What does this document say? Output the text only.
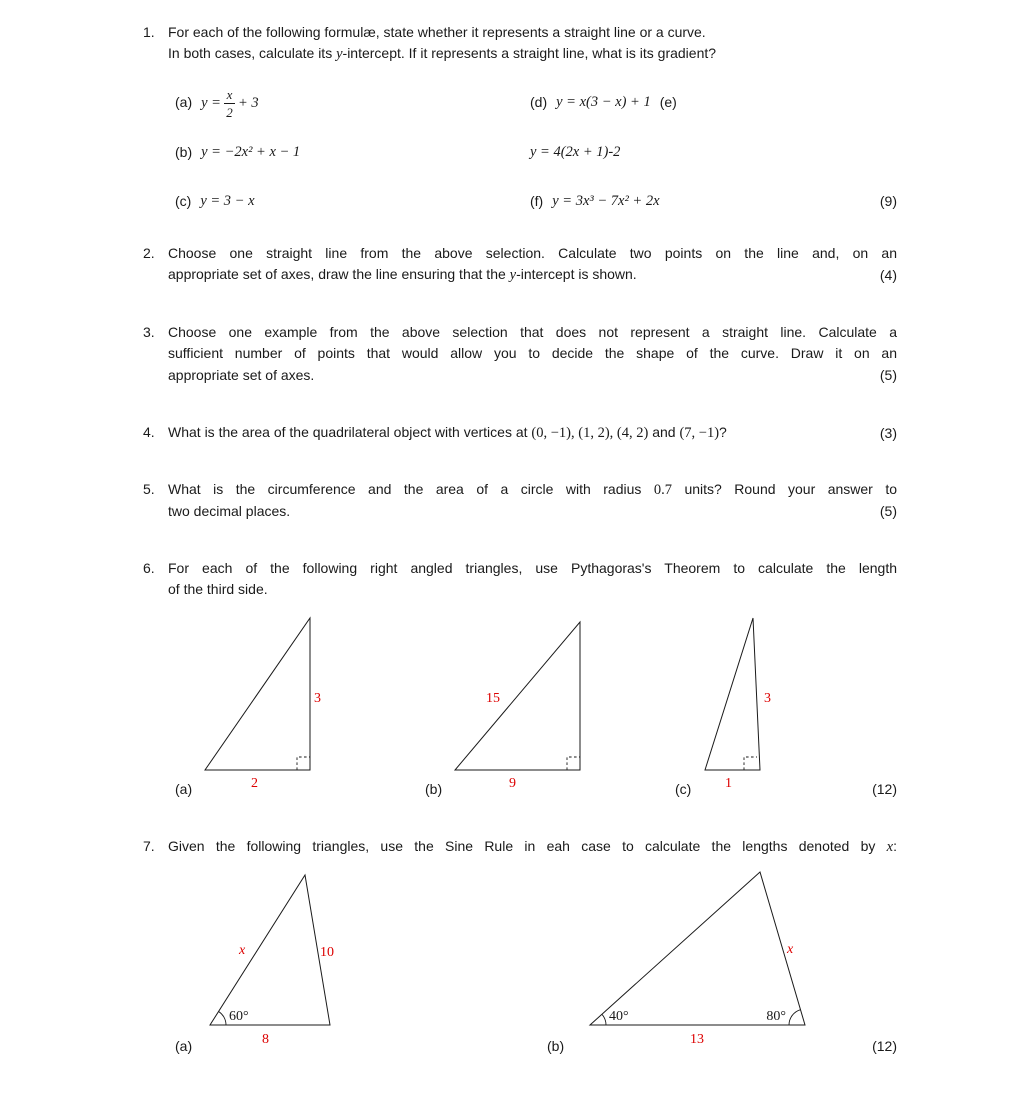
1. For each of the following formulæ, state whether it represents a straight line or a curve.
In both cases, calculate its y-intercept. If it represents a straight line, what is its gradient?
(a) $y = \frac{x}{2} + 3$	(d) y = x(3 − x) + 1 (e)
(b) y = −2x² + x − 1	y = 4(2x + 1)-2
(c) y = 3 − x	(f) y = 3x³ − 7x² + 2x	(9)
2. Choose one straight line from the above selection. Calculate two points on the line and, on an
appropriate set of axes, draw the line ensuring that the y-intercept is shown.	(4)
3. Choose one example from the above selection that does not represent a straight line. Calculate a
sufficient number of points that would allow you to decide the shape of the curve. Draw it on an
appropriate set of axes.	(5)
4. What is the area of the quadrilateral object with vertices at (0, −1), (1, 2), (4, 2) and (7, −1)?	(3)
5. What is the circumference and the area of a circle with radius 0.7 units? Round your answer to
two decimal places.	(5)
6. For each of the following right angled triangles, use Pythagoras's Theorem to calculate the length
of the third side.
3
2
15
9
3
1
(a)	(b)	(c)	(12)
7. Given the following triangles, use the Sine Rule in eah case to calculate the lengths denoted by x:
60°
x	10
8
40°	80°
13
x
(a)	(b)	(12)
